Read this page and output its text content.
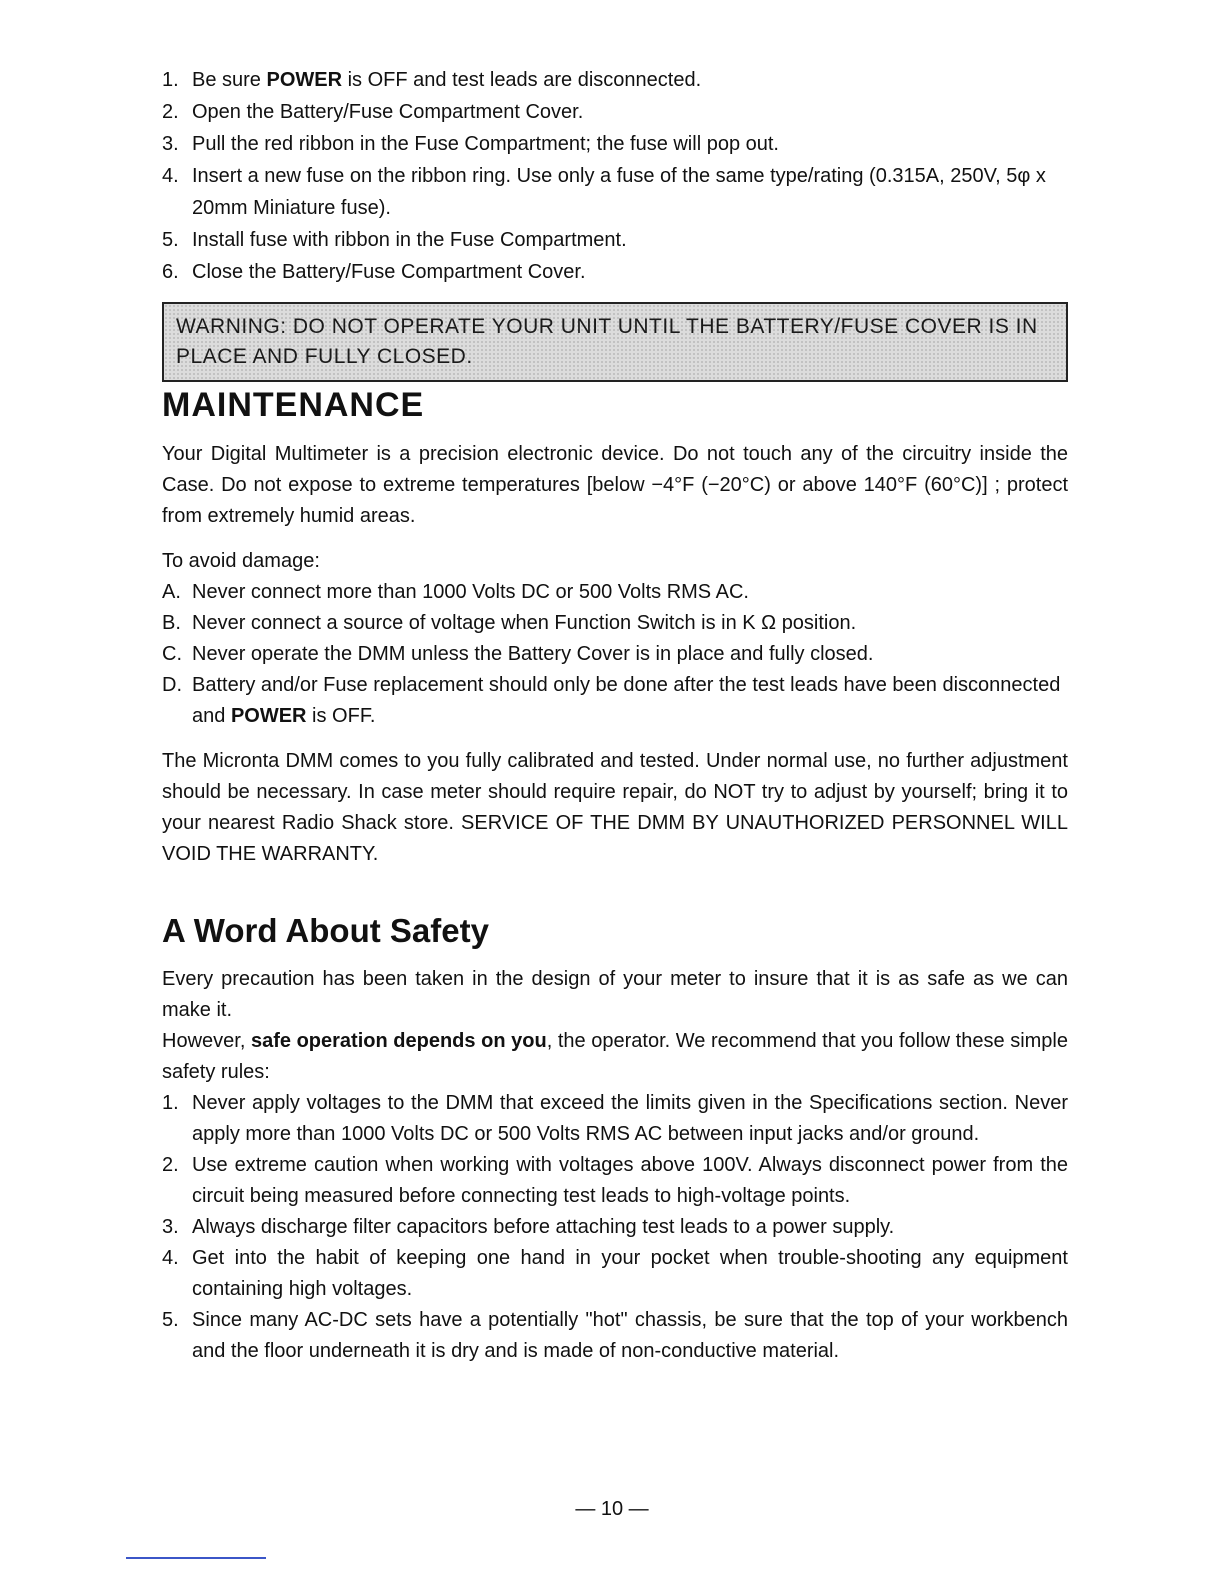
1. Be sure POWER is OFF and test leads are disconnected.
2. Open the Battery/Fuse Compartment Cover.
3. Pull the red ribbon in the Fuse Compartment; the fuse will pop out.
4. Insert a new fuse on the ribbon ring. Use only a fuse of the same type/rating (0.315A, 250V, 5φ x 20mm Miniature fuse).
5. Install fuse with ribbon in the Fuse Compartment.
6. Close the Battery/Fuse Compartment Cover.
WARNING: DO NOT OPERATE YOUR UNIT UNTIL THE BATTERY/FUSE COVER IS IN PLACE AND FULLY CLOSED.
MAINTENANCE

Your Digital Multimeter is a precision electronic device. Do not touch any of the circuitry inside the Case. Do not expose to extreme temperatures [below −4°F (−20°C) or above 140°F (60°C)] ; protect from extremely humid areas.

To avoid damage:

A. Never connect more than 1000 Volts DC or 500 Volts RMS AC.
B. Never connect a source of voltage when Function Switch is in K Ω position.
C. Never operate the DMM unless the Battery Cover is in place and fully closed.
D. Battery and/or Fuse replacement should only be done after the test leads have been disconnected and POWER is OFF.

The Micronta DMM comes to you fully calibrated and tested. Under normal use, no further adjustment should be necessary. In case meter should require repair, do NOT try to adjust by yourself; bring it to your nearest Radio Shack store. SERVICE OF THE DMM BY UNAUTHORIZED PERSONNEL WILL VOID THE WARRANTY.

A Word About Safety

Every precaution has been taken in the design of your meter to insure that it is as safe as we can make it.

However, safe operation depends on you, the operator. We recommend that you follow these simple safety rules:

1. Never apply voltages to the DMM that exceed the limits given in the Specifications section. Never apply more than 1000 Volts DC or 500 Volts RMS AC between input jacks and/or ground.
2. Use extreme caution when working with voltages above 100V. Always disconnect power from the circuit being measured before connecting test leads to high-voltage points.
3. Always discharge filter capacitors before attaching test leads to a power supply.
4. Get into the habit of keeping one hand in your pocket when trouble-shooting any equipment containing high voltages.
5. Since many AC-DC sets have a potentially "hot" chassis, be sure that the top of your workbench and the floor underneath it is dry and is made of non-conductive material.
— 10 —
